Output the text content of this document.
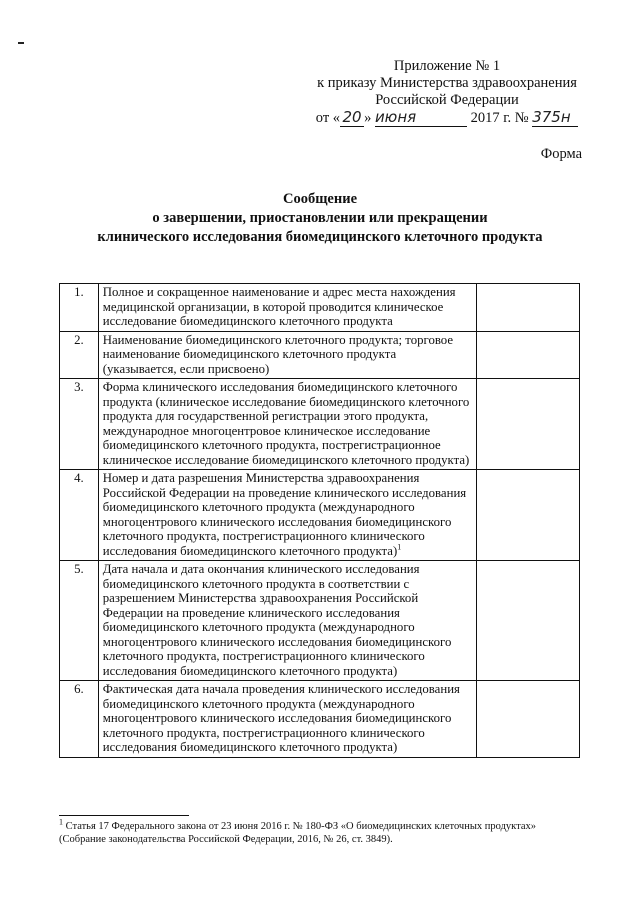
Приложение № 1
к приказу Министерства здравоохранения
Российской Федерации
от « 20 » июня	2017 г. № 375н
Форма
Сообщение
о завершении, приостановлении или прекращении
клинического исследования биомедицинского клеточного продукта
1.	Полное и сокращенное наименование и адрес места нахождения медицинской организации, в которой проводится клиническое исследование биомедицинского клеточного продукта	
2.	Наименование биомедицинского клеточного продукта; торговое наименование биомедицинского клеточного продукта (указывается, если присвоено)	
3.	Форма клинического исследования биомедицинского клеточного продукта (клиническое исследование биомедицинского клеточного продукта для государственной регистрации этого продукта, международное многоцентровое клиническое исследование биомедицинского клеточного продукта, пострегистрационное клиническое исследование биомедицинского клеточного продукта)	
4.	Номер и дата разрешения Министерства здравоохранения Российской Федерации на проведение клинического исследования биомедицинского клеточного продукта (международного многоцентрового клинического исследования биомедицинского клеточного продукта, пострегистрационного клинического исследования биомедицинского клеточного продукта)$^1$	
5.	Дата начала и дата окончания клинического исследования биомедицинского клеточного продукта в соответствии с разрешением Министерства здравоохранения Российской Федерации на проведение клинического исследования биомедицинского клеточного продукта (международного многоцентрового клинического исследования биомедицинского клеточного продукта, пострегистрационного клинического исследования биомедицинского клеточного продукта)	
6.	Фактическая дата начала проведения клинического исследования биомедицинского клеточного продукта (международного многоцентрового клинического исследования биомедицинского клеточного продукта, пострегистрационного клинического исследования биомедицинского клеточного продукта)	
$^1$ Статья 17 Федерального закона от 23 июня 2016 г. № 180-ФЗ «О биомедицинских клеточных продуктах» (Собрание законодательства Российской Федерации, 2016, № 26, ст. 3849).
